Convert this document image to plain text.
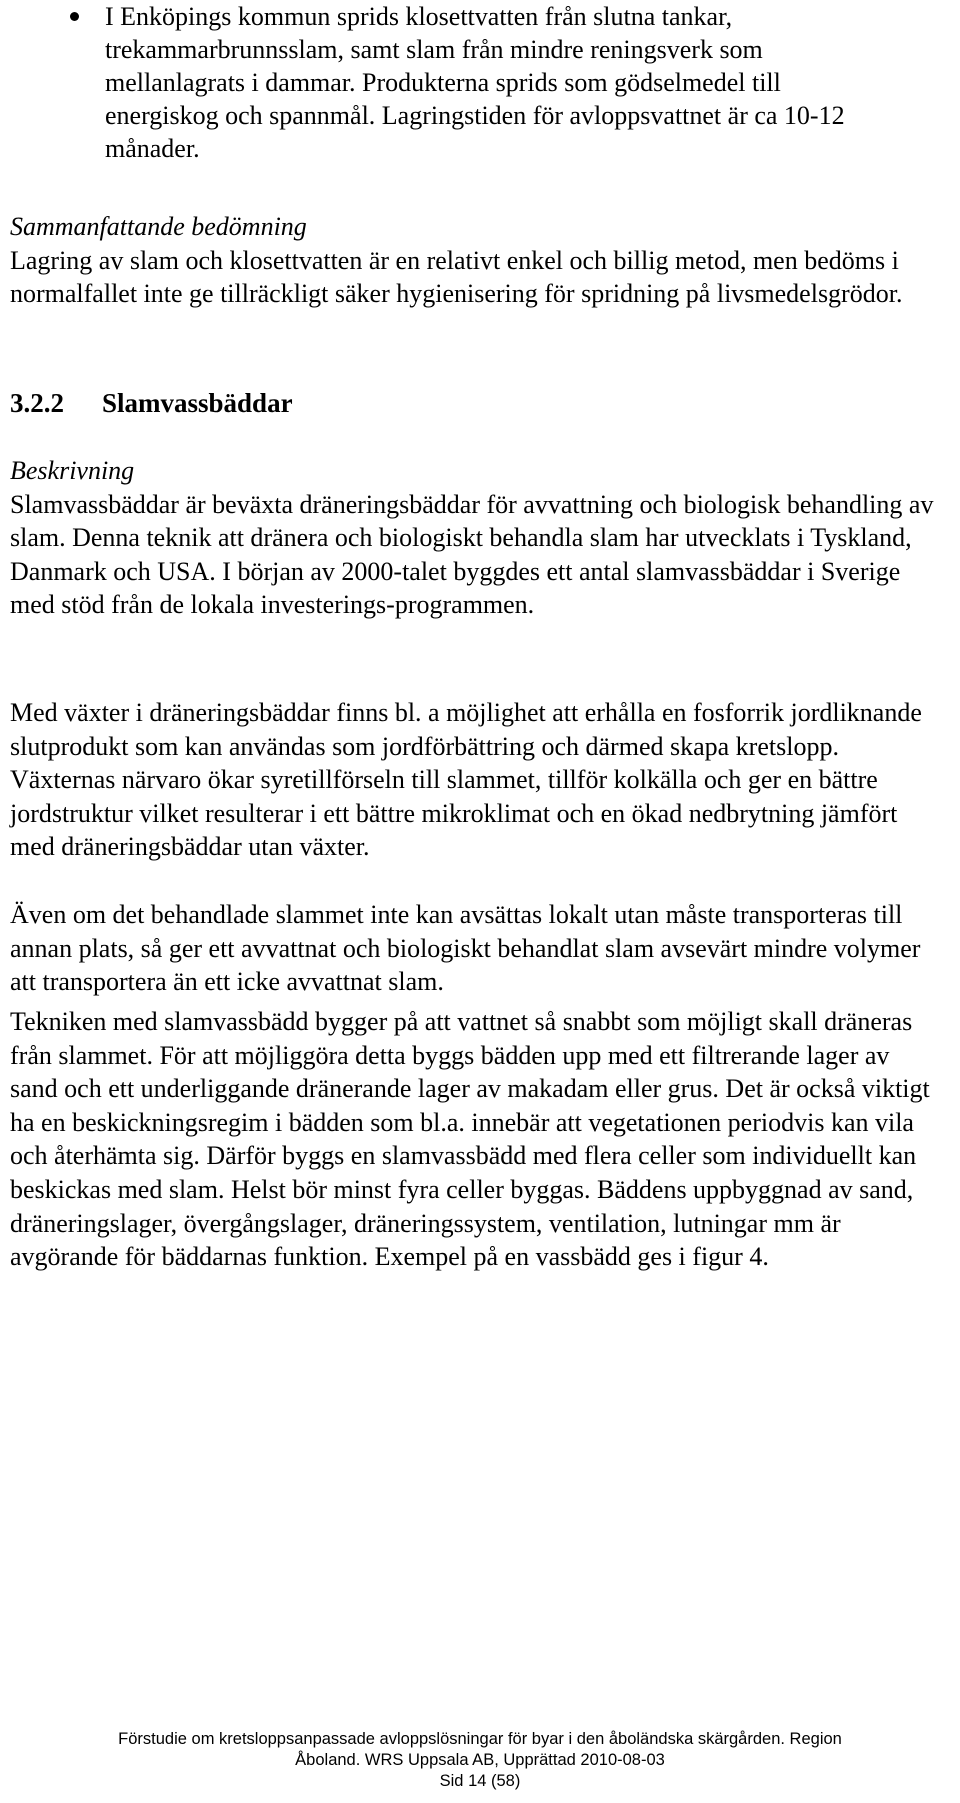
I Enköpings kommun sprids klosettvatten från slutna tankar, trekammarbrunnsslam, samt slam från mindre reningsverk som mellanlagrats i dammar. Produkterna sprids som gödselmedel till energiskog och spannmål. Lagringstiden för avloppsvattnet är ca 10-12 månader.

Sammanfattande bedömning

Lagring av slam och klosettvatten är en relativt enkel och billig metod, men bedöms i normalfallet inte ge tillräckligt säker hygienisering för spridning på livsmedelsgrödor.

3.2.2 Slamvassbäddar
Beskrivning

Slamvassbäddar är beväxta dräneringsbäddar för avvattning och biologisk behandling av slam. Denna teknik att dränera och biologiskt behandla slam har utvecklats i Tyskland, Danmark och USA. I början av 2000-talet byggdes ett antal slamvassbäddar i Sverige med stöd från de lokala investerings-programmen.

Med växter i dräneringsbäddar finns bl. a möjlighet att erhålla en fosforrik jordliknande slutprodukt som kan användas som jordförbättring och därmed skapa kretslopp. Växternas närvaro ökar syretillförseln till slammet, tillför kolkälla och ger en bättre jordstruktur vilket resulterar i ett bättre mikroklimat och en ökad nedbrytning jämfört med dräneringsbäddar utan växter.

Även om det behandlade slammet inte kan avsättas lokalt utan måste transporteras till annan plats, så ger ett avvattnat och biologiskt behandlat slam avsevärt mindre volymer att transportera än ett icke avvattnat slam.

Tekniken med slamvassbädd bygger på att vattnet så snabbt som möjligt skall dräneras från slammet. För att möjliggöra detta byggs bädden upp med ett filtrerande lager av sand och ett underliggande dränerande lager av makadam eller grus. Det är också viktigt ha en beskickningsregim i bädden som bl.a. innebär att vegetationen periodvis kan vila och återhämta sig. Därför byggs en slamvassbädd med flera celler som individuellt kan beskickas med slam. Helst bör minst fyra celler byggas. Bäddens uppbyggnad av sand, dräneringslager, övergångslager, dräneringssystem, ventilation, lutningar mm är avgörande för bäddarnas funktion. Exempel på en vassbädd ges i figur 4.

Förstudie om kretsloppsanpassade avloppslösningar för byar i den åboländska skärgården. Region
Åboland. WRS Uppsala AB, Upprättad 2010-08-03
Sid 14 (58)
